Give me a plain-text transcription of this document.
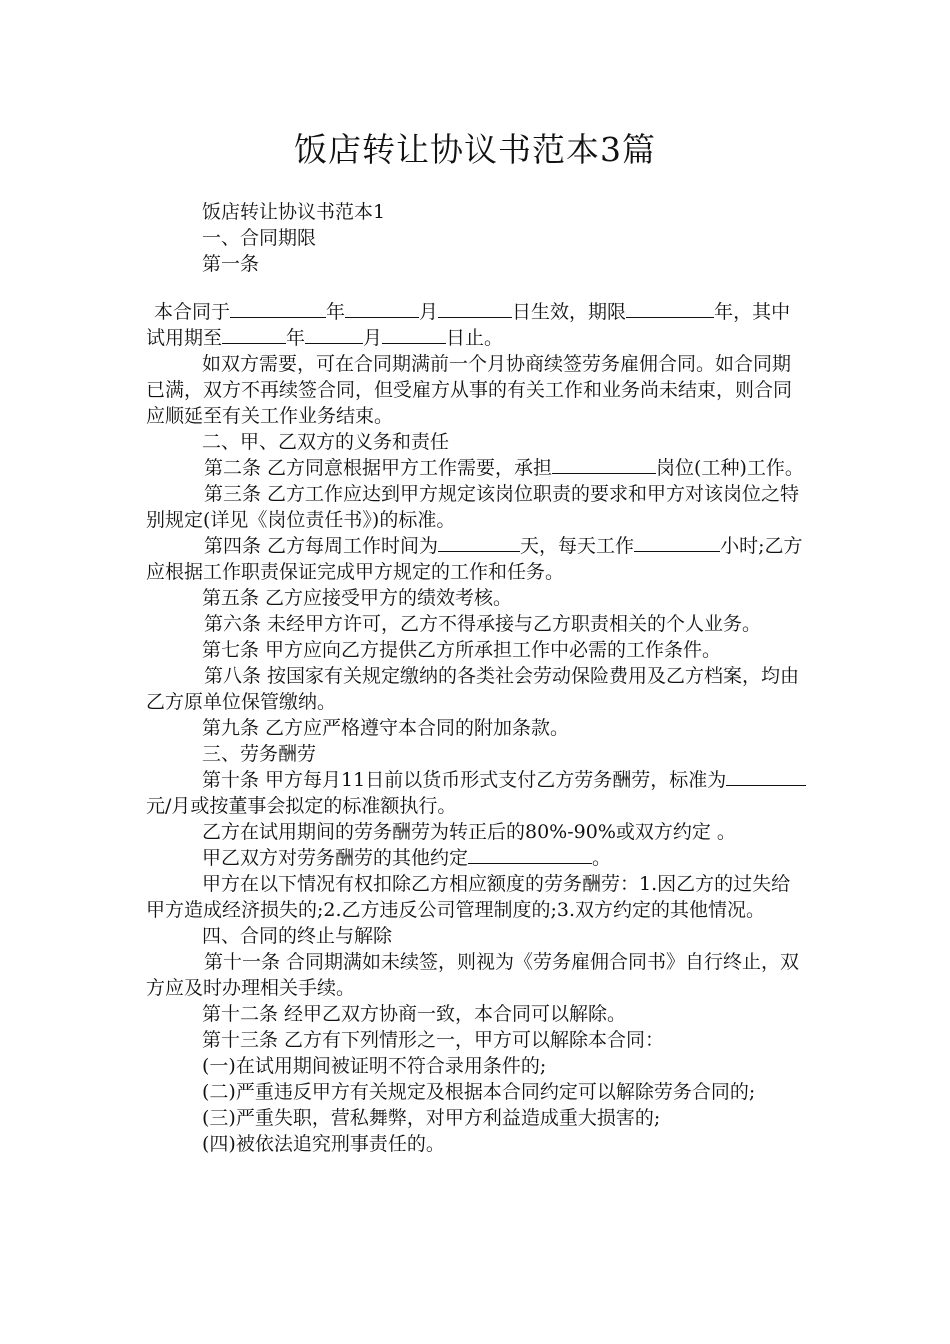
饭店转让协议书范本3篇

饭店转让协议书范本1

一、合同期限

第一条

本合同于	年	月	日生效，期限	年，其中试用期至	年	月	日止。

如双方需要，可在合同期满前一个月协商续签劳务雇佣合同。如合同期已满，双方不再续签合同，但受雇方从事的有关工作和业务尚未结束，则合同应顺延至有关工作业务结束。

二、甲、乙双方的义务和责任

第二条 乙方同意根据甲方工作需要，承担	岗位(工种)工作。

第三条 乙方工作应达到甲方规定该岗位职责的要求和甲方对该岗位之特别规定(详见《岗位责任书》)的标准。

第四条 乙方每周工作时间为	天，每天工作	小时;乙方应根据工作职责保证完成甲方规定的工作和任务。

第五条 乙方应接受甲方的绩效考核。

第六条 未经甲方许可，乙方不得承接与乙方职责相关的个人业务。

第七条 甲方应向乙方提供乙方所承担工作中必需的工作条件。

第八条 按国家有关规定缴纳的各类社会劳动保险费用及乙方档案，均由乙方原单位保管缴纳。

第九条 乙方应严格遵守本合同的附加条款。

三、劳务酬劳

第十条 甲方每月11日前以货币形式支付乙方劳务酬劳，标准为元/月或按董事会拟定的标准额执行。

乙方在试用期间的劳务酬劳为转正后的80%-90%或双方约定 。

甲乙双方对劳务酬劳的其他约定	。

甲方在以下情况有权扣除乙方相应额度的劳务酬劳：1.因乙方的过失给甲方造成经济损失的;2.乙方违反公司管理制度的;3.双方约定的其他情况。

四、合同的终止与解除

第十一条 合同期满如未续签，则视为《劳务雇佣合同书》自行终止，双方应及时办理相关手续。

第十二条 经甲乙双方协商一致，本合同可以解除。

第十三条 乙方有下列情形之一，甲方可以解除本合同：

(一)在试用期间被证明不符合录用条件的;

(二)严重违反甲方有关规定及根据本合同约定可以解除劳务合同的;

(三)严重失职，营私舞弊，对甲方利益造成重大损害的;

(四)被依法追究刑事责任的。
